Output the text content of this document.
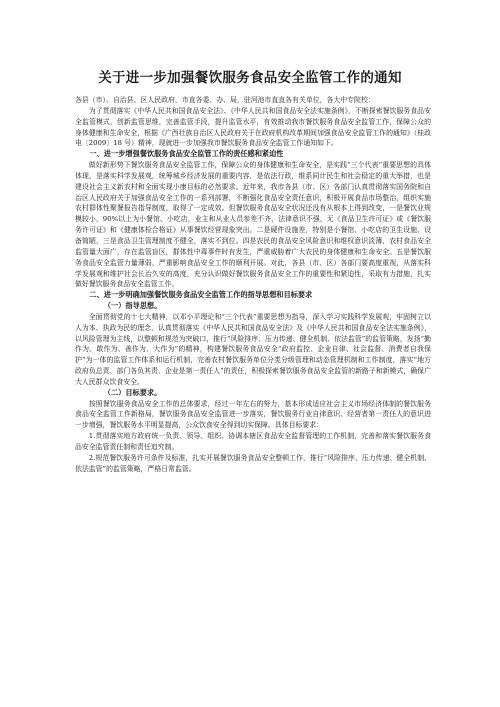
关于进一步加强餐饮服务食品安全监管工作的通知

各县（市）、自治县、区人民政府，市直各委、办、局，驻河池市直直各有关单位，各大中专院校：

为了贯彻落实《中华人民共和国食品安全法》、《中华人民共和国食品安全法实施条例》，不断探索餐饮服务食品安全监管模式，创新监管思维，完善监管手段，提升监管水平，有效推动我市餐饮服务食品安全监管工作，保障公众的身体健康和生命安全，根据《广西壮族自治区人民政府关于在政府机构改革期间加强食品安全监管工作的通知》（桂政电〔2009〕18 号）精神，现就进一步加强我市餐饮服务食品安全监管工作通知如下。

一、进一步增强餐饮服务食品安全监管工作的责任感和紧迫性

做好新形势下餐饮服务食品安全监管工作，保障公众的身体健康和生命安全，是实践“三个代表”重要思想的具体体现，是落实科学发展观，统筹城乡经济发展的重要内容，是依法行政，维系同计民生和社会稳定的重大举措，也是建设社会主义新农村和全面实现小康目标的必然要求。近年来，我市各县（市、区）各部门认真贯彻落实国务院和自治区人民政府关于加强食品安全工作的一系列部署，不断强化食品安全责任意识，积极开展食品市场整治，组织实施农村群体性聚餐报告指导制度，取得了一定成效。但餐饮服务食品安全状况还没有从根本上得到改变，一是餐饮业规模较小，90%以上为小餐馆、小吃店，业主和从业人员参差不齐，法律意识不强，无《食品卫生许可证》或《餐饮服务许可证》和《健康体检合格证》从事餐饮经营现象突出。二是硬件设施差，特别是小餐馆、小吃店的卫生设施、设备简陋，三是食品卫生管理制度不健全，落实不到位。四是农民的食品安全风险意识和维权意识淡薄，农村食品安全监管量大面广，存在监管盲区，群体性中毒事件时有发生，严重威胁着广大农民的身体健康和生命安全。五是餐饮服务食品安全监管力量薄弱，严重影响食品安全工作的顺利开展。对此，各县（市、区）各部门要高度重视，从落实科学发展观和维护社会长治久安的高度，充分认识做好餐饮服务食品安全工作的重要性和紧迫性，采取有力措施，扎实做好餐饮服务食品安全监管工作。

二、进一步明确加强餐饮服务食品安全监管工作的指导思想和目标要求

（一）指导思想。

全面贯彻党的十七大精神，以邓小平理论和“三个代表”重要思想为指导，深入学习实践科学发展观，牢固树立以人为本、执政为民的理念，认真贯彻落实《中华人民共和国食品安全法》及《中华人民共和国食品安全法实施条例》，以风险管理为主线，以整顿和规范为突破口，推行“风险排序、压力传递、健全机制、依法监管”的监管策略，发扬“勤作为、敢作为、善作为、大作为”的精神，构建餐饮服务食品安全“政府监控、企业自律、社会监督、消费者自我保护”为一体的监管工作体系和运行机制，完善农村餐饮服务单位分类分级管理和动态管理机制和工作制度，落实“地方政府负总责、部门各负其责、企业是第一责任人”的责任，积极探索餐饮服务食品安全监管的新路子和新模式，确保广大人民群众饮食安全。

（二）目标要求。

按照餐饮服务食品安全工作的总体要求，经过一年左右的努力，基本形成适应社会主义市场经济体制的餐饮服务食品安全监管工作新格局，餐饮服务食品安全监管进一步落实，餐饮服务行业自律意识、经营者第一责任人的意识进一步增强，餐饮服务水平明显提高，公众饮食安全得到切实保障。具体目标要求：

1.贯彻落实地方政府统一负责、领导、组织、协调本辖区食品安全监督管理的工作机制，完善和落实餐饮服务食品安全监管责任制和责任追究制。

2.规范餐饮服务许可条件及标准，扎实开展餐饮服务食品安全整顿工作，推行“风险排序、压力传递、健全机制、依法监管”的监管策略，严格日常监管。
